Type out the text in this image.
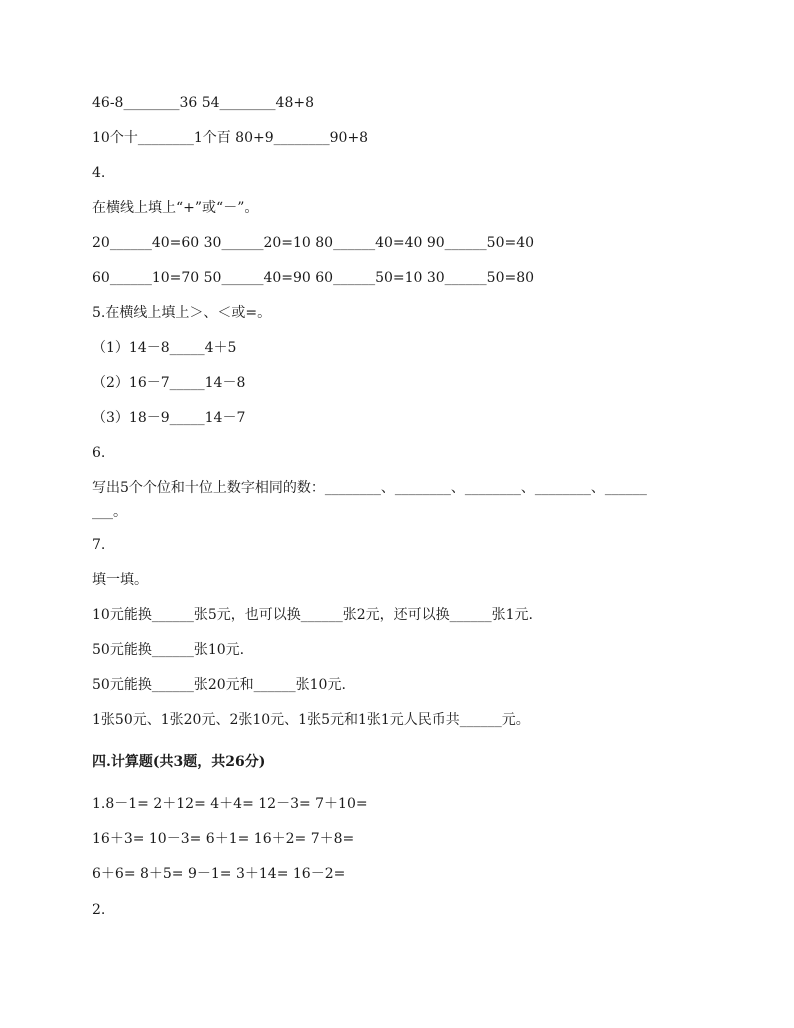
46-8________36 54________48+8
10个十________1个百 80+9________90+8
4.
在横线上填上“+”或“－”。
20______40=60 30______20=10 80______40=40 90______50=40
60______10=70 50______40=90 60______50=10 30______50=80
5.在横线上填上＞、＜或=。
（1）14－8_____4＋5
（2）16－7_____14－8
（3）18－9_____14－7
6.
写出5个个位和十位上数字相同的数：________、________、________、________、______
___。
7.
填一填。
10元能换______张5元，也可以换______张2元，还可以换______张1元.
50元能换______张10元.
50元能换______张20元和______张10元.
1张50元、1张20元、2张10元、1张5元和1张1元人民币共______元。
四.计算题(共3题，共26分)
1.8－1= 2＋12= 4＋4= 12－3= 7＋10=
16＋3= 10－3= 6＋1= 16＋2= 7＋8=
6＋6= 8＋5= 9－1= 3＋14= 16－2=
2.
